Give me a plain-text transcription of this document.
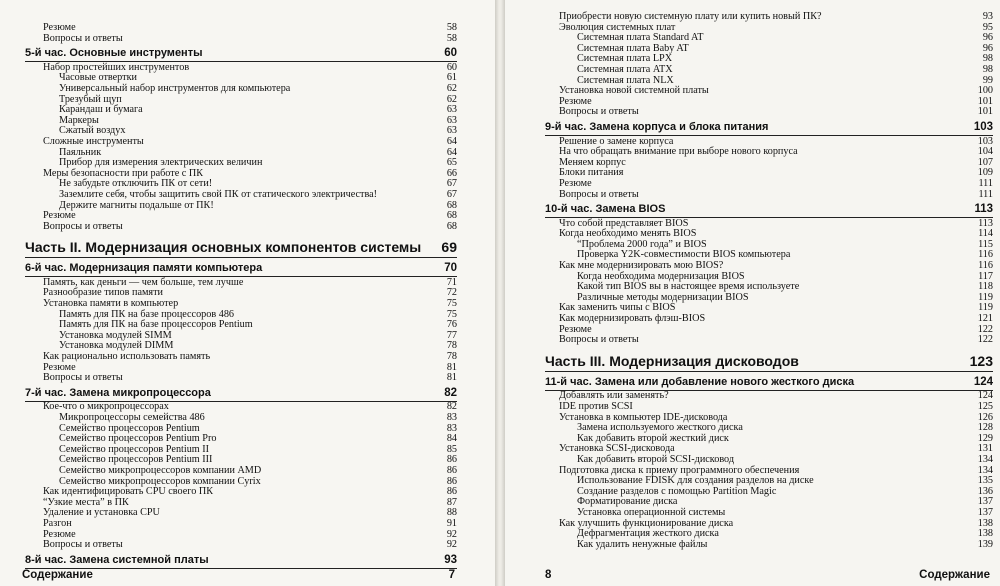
Резюме	58
Вопросы и ответы	58
5-й час. Основные инструменты	60
Набор простейших инструментов	60
Часовые отвертки	61
Универсальный набор инструментов для компьютера	62
Трезубый щуп	62
Карандаш и бумага	63
Маркеры	63
Сжатый воздух	63
Сложные инструменты	64
Паяльник	64
Прибор для измерения электрических величин	65
Меры безопасности при работе с ПК	66
Не забудьте отключить ПК от сети!	67
Заземлите себя, чтобы защитить свой ПК от статического электричества!	67
Держите магниты подальше от ПК!	68
Резюме	68
Вопросы и ответы	68
Часть II. Модернизация основных компонентов системы 69
6-й час. Модернизация памяти компьютера	70
Память, как деньги — чем больше, тем лучше	71
Разнообразие типов памяти	72
Установка памяти в компьютер	75
Память для ПК на базе процессоров 486	75
Память для ПК на базе процессоров Pentium	76
Установка модулей SIMM	77
Установка модулей DIMM	78
Как рационально использовать память	78
Резюме	81
Вопросы и ответы	81
7-й час. Замена микропроцессора	82
Кое-что о микропроцессорах	82
Микропроцессоры семейства 486	83
Семейство процессоров Pentium	83
Семейство процессоров Pentium Pro	84
Семейство процессоров Pentium II	85
Семейство процессоров Pentium III	86
Семейство микропроцессоров компании AMD	86
Семейство микропроцессоров компании Cyrix	86
Как идентифицировать CPU своего ПК	86
“Узкие места” в ПК	87
Удаление и установка CPU	88
Разгон	91
Резюме	92
Вопросы и ответы	92
8-й час. Замена системной платы	93
Содержание	7
Приобрести новую системную плату или купить новый ПК?	93
Эволюция системных плат	95
Системная плата Standard AT	96
Системная плата Baby AT	96
Системная плата LPX	98
Системная плата ATX	98
Системная плата NLX	99
Установка новой системной платы	100
Резюме	101
Вопросы и ответы	101
9-й час. Замена корпуса и блока питания	103
Решение о замене корпуса	103
На что обращать внимание при выборе нового корпуса	104
Меняем корпус	107
Блоки питания	109
Резюме	111
Вопросы и ответы	111
10-й час. Замена BIOS	113
Что собой представляет BIOS	113
Когда необходимо менять BIOS	114
“Проблема 2000 года” и BIOS	115
Проверка Y2K-совместимости BIOS компьютера	116
Как мне модернизировать мою BIOS?	116
Когда необходима модернизация BIOS	117
Какой тип BIOS вы в настоящее время используете	118
Различные методы модернизации BIOS	119
Как заменить чипы с BIOS	119
Как модернизировать флэш-BIOS	121
Резюме	122
Вопросы и ответы	122
Часть III. Модернизация дисководов	123
11-й час. Замена или добавление нового жесткого диска	124
Добавлять или заменять?	124
IDE против SCSI	125
Установка в компьютер IDE-дисковода	126
Замена используемого жесткого диска	128
Как добавить второй жесткий диск	129
Установка SCSI-дисковода	131
Как добавить второй SCSI-дисковод	134
Подготовка диска к приему программного обеспечения	134
Использование FDISK для создания разделов на диске	135
Создание разделов с помощью Partition Magic	136
Форматирование диска	137
Установка операционной системы	137
Как улучшить функционирование диска	138
Дефрагментация жесткого диска	138
Как удалить ненужные файлы	139
8	Содержание
